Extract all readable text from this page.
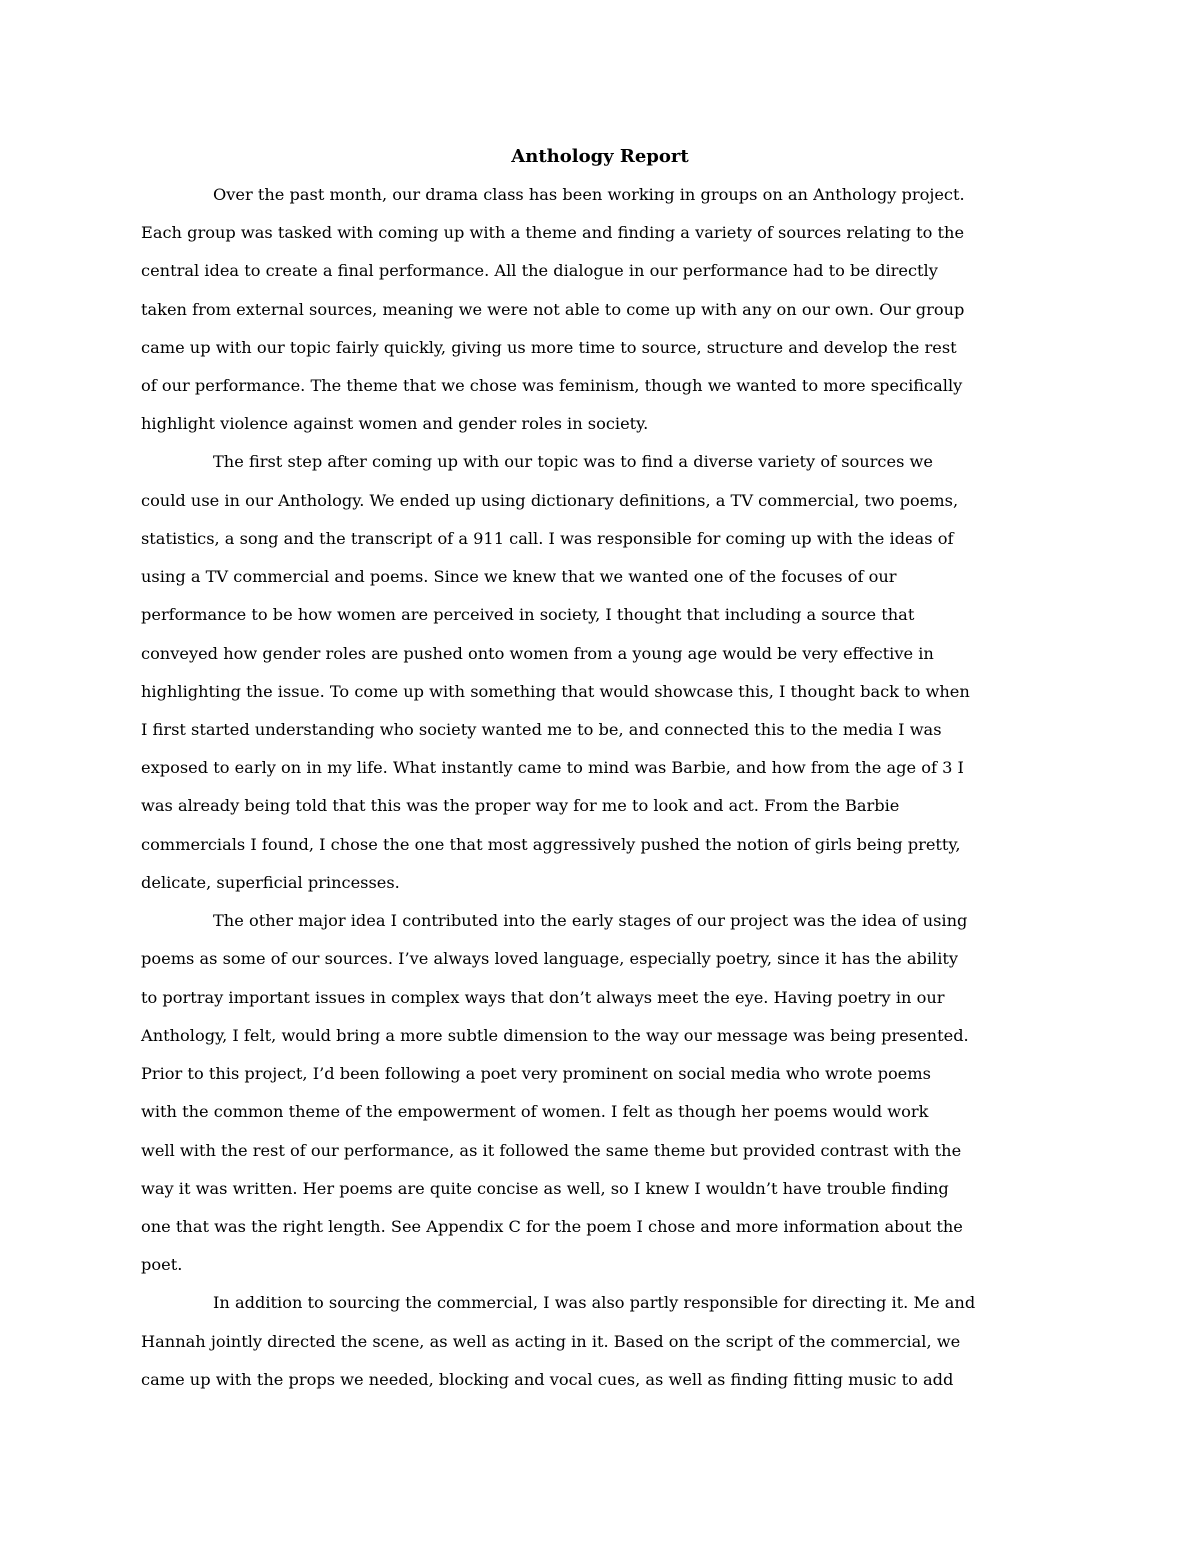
Anthology Report

Over the past month, our drama class has been working in groups on an Anthology project.

Each group was tasked with coming up with a theme and finding a variety of sources relating to the

central idea to create a final performance. All the dialogue in our performance had to be directly

taken from external sources, meaning we were not able to come up with any on our own. Our group

came up with our topic fairly quickly, giving us more time to source, structure and develop the rest

of our performance. The theme that we chose was feminism, though we wanted to more specifically

highlight violence against women and gender roles in society.

The first step after coming up with our topic was to find a diverse variety of sources we

could use in our Anthology. We ended up using dictionary definitions, a TV commercial, two poems,

statistics, a song and the transcript of a 911 call. I was responsible for coming up with the ideas of

using a TV commercial and poems. Since we knew that we wanted one of the focuses of our

performance to be how women are perceived in society, I thought that including a source that

conveyed how gender roles are pushed onto women from a young age would be very effective in

highlighting the issue. To come up with something that would showcase this, I thought back to when

I first started understanding who society wanted me to be, and connected this to the media I was

exposed to early on in my life. What instantly came to mind was Barbie, and how from the age of 3 I

was already being told that this was the proper way for me to look and act. From the Barbie

commercials I found, I chose the one that most aggressively pushed the notion of girls being pretty,

delicate, superficial princesses.

The other major idea I contributed into the early stages of our project was the idea of using

poems as some of our sources. I’ve always loved language, especially poetry, since it has the ability

to portray important issues in complex ways that don’t always meet the eye. Having poetry in our

Anthology, I felt, would bring a more subtle dimension to the way our message was being presented.

Prior to this project, I’d been following a poet very prominent on social media who wrote poems

with the common theme of the empowerment of women. I felt as though her poems would work

well with the rest of our performance, as it followed the same theme but provided contrast with the

way it was written. Her poems are quite concise as well, so I knew I wouldn’t have trouble finding

one that was the right length. See Appendix C for the poem I chose and more information about the

poet.

In addition to sourcing the commercial, I was also partly responsible for directing it. Me and

Hannah jointly directed the scene, as well as acting in it. Based on the script of the commercial, we

came up with the props we needed, blocking and vocal cues, as well as finding fitting music to add
